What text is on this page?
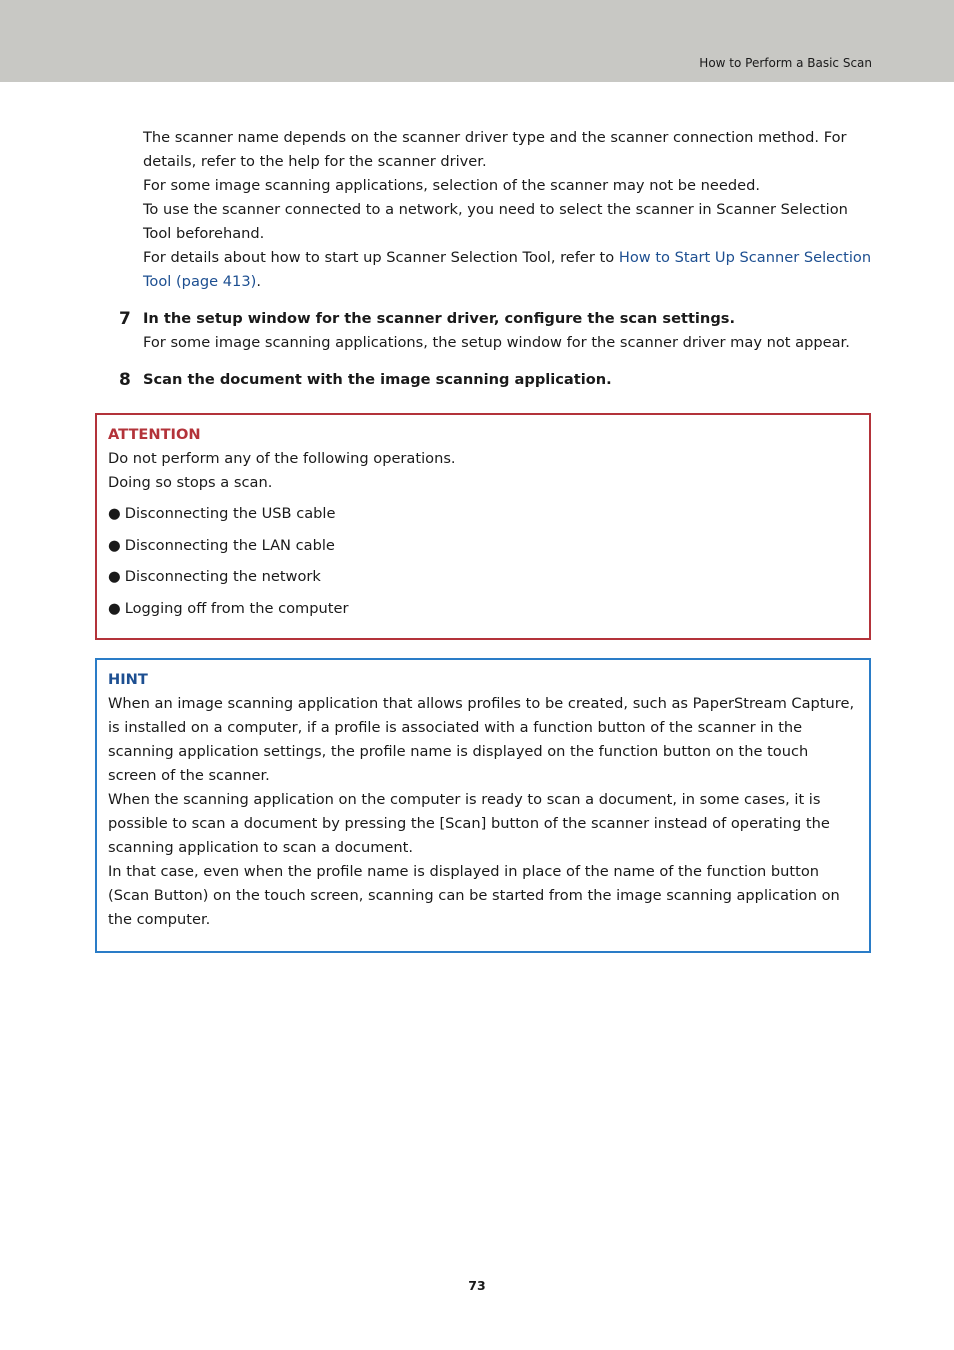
How to Perform a Basic Scan

The scanner name depends on the scanner driver type and the scanner connection method. For details, refer to the help for the scanner driver.

For some image scanning applications, selection of the scanner may not be needed.

To use the scanner connected to a network, you need to select the scanner in Scanner Selection Tool beforehand.

For details about how to start up Scanner Selection Tool, refer to How to Start Up Scanner Selection Tool (page 413).

7 In the setup window for the scanner driver, configure the scan settings.

For some image scanning applications, the setup window for the scanner driver may not appear.

8 Scan the document with the image scanning application.

ATTENTION

Do not perform any of the following operations.

Doing so stops a scan.

● Disconnecting the USB cable
● Disconnecting the LAN cable
● Disconnecting the network
● Logging off from the computer

HINT

When an image scanning application that allows profiles to be created, such as PaperStream Capture, is installed on a computer, if a profile is associated with a function button of the scanner in the scanning application settings, the profile name is displayed on the function button on the touch screen of the scanner.

When the scanning application on the computer is ready to scan a document, in some cases, it is possible to scan a document by pressing the [Scan] button of the scanner instead of operating the scanning application to scan a document.

In that case, even when the profile name is displayed in place of the name of the function button (Scan Button) on the touch screen, scanning can be started from the image scanning application on the computer.

73
